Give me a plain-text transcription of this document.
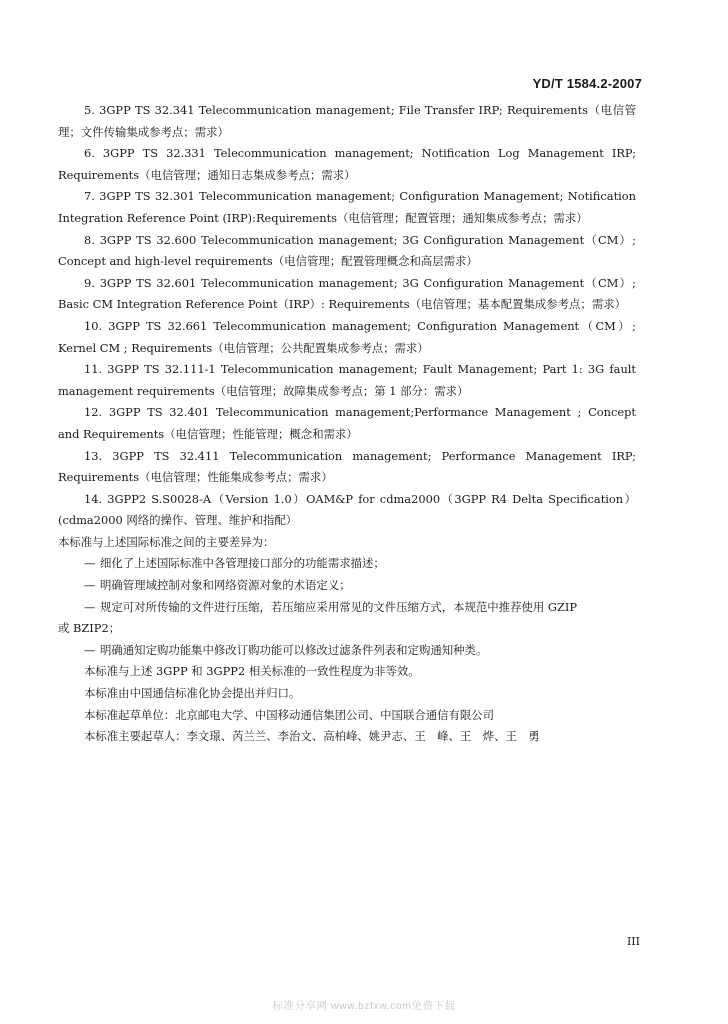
YD/T 1584.2-2007

5. 3GPP TS 32.341 Telecommunication management; File Transfer IRP; Requirements（电信管理；文件传输集成参考点；需求）

6. 3GPP TS 32.331 Telecommunication management; Notification Log Management IRP; Requirements（电信管理；通知日志集成参考点；需求）

7. 3GPP TS 32.301 Telecommunication management; Configuration Management; Notification Integration Reference Point (IRP):Requirements（电信管理；配置管理；通知集成参考点；需求）

8. 3GPP TS 32.600 Telecommunication management; 3G Configuration Management（CM）; Concept and high-level requirements（电信管理；配置管理概念和高层需求）

9. 3GPP TS 32.601 Telecommunication management; 3G Configuration Management（CM）; Basic CM Integration Reference Point（IRP）: Requirements（电信管理；基本配置集成参考点；需求）

10. 3GPP TS 32.661 Telecommunication management; Configuration Management（CM）; Kernel CM ; Requirements（电信管理；公共配置集成参考点；需求）

11. 3GPP TS 32.111-1 Telecommunication management; Fault Management; Part 1: 3G fault management requirements（电信管理；故障集成参考点；第 1 部分：需求）

12. 3GPP TS 32.401 Telecommunication management;Performance Management ; Concept and Requirements（电信管理；性能管理；概念和需求）

13. 3GPP TS 32.411 Telecommunication management; Performance Management IRP; Requirements（电信管理；性能集成参考点；需求）

14. 3GPP2 S.S0028-A（Version 1.0）OAM&P for cdma2000（3GPP R4 Delta Specification）(cdma2000 网络的操作、管理、维护和指配）

本标准与上述国际标准之间的主要差异为：

— 细化了上述国际标准中各管理接口部分的功能需求描述；
— 明确管理域控制对象和网络资源对象的术语定义；
— 规定可对所传输的文件进行压缩，若压缩应采用常见的文件压缩方式，本规范中推荐使用 GZIP
或 BZIP2；
— 明确通知定购功能集中修改订购功能可以修改过滤条件列表和定购通知种类。

本标准与上述 3GPP 和 3GPP2 相关标准的一致性程度为非等效。

本标准由中国通信标准化协会提出并归口。

本标准起草单位：北京邮电大学、中国移动通信集团公司、中国联合通信有限公司

本标准主要起草人：李文璟、芮兰兰、李治文、高柏峰、姚尹志、王　峰、王　烨、王　勇

III
标准分享网 www.bzfxw.com免费下载
